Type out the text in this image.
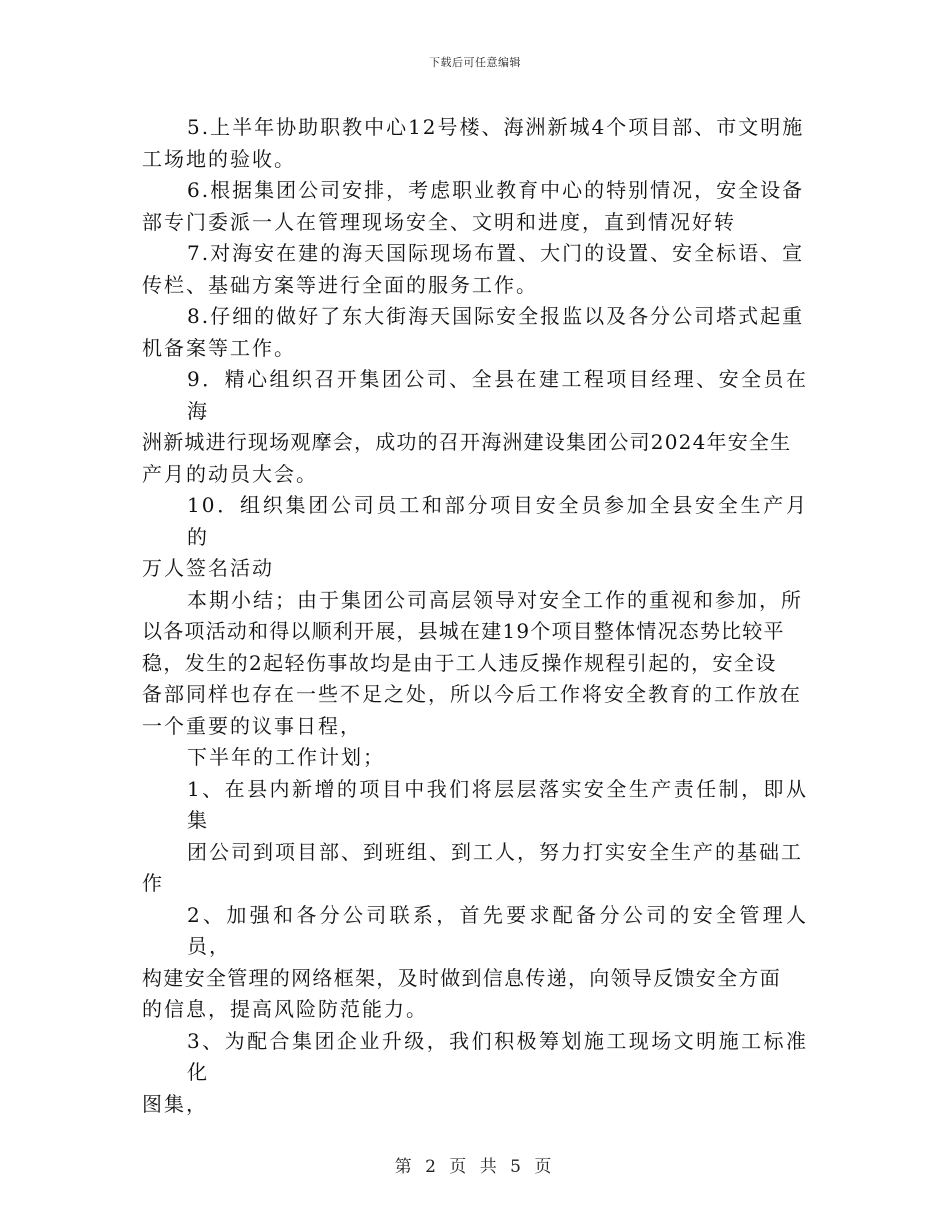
下载后可任意编辑

5.上半年协助职教中心12号楼、海洲新城4个项目部、市文明施
工场地的验收。

6.根据集团公司安排，考虑职业教育中心的特别情况，安全设备
部专门委派一人在管理现场安全、文明和进度，直到情况好转

7.对海安在建的海天国际现场布置、大门的设置、安全标语、宣
传栏、基础方案等进行全面的服务工作。

8.仔细的做好了东大街海天国际安全报监以及各分公司塔式起重
机备案等工作。

9．精心组织召开集团公司、全县在建工程项目经理、安全员在海
洲新城进行现场观摩会，成功的召开海洲建设集团公司2024年安全生
产月的动员大会。

10．组织集团公司员工和部分项目安全员参加全县安全生产月的
万人签名活动

本期小结；由于集团公司高层领导对安全工作的重视和参加，所
以各项活动和得以顺利开展，县城在建19个项目整体情况态势比较平
稳，发生的2起轻伤事故均是由于工人违反操作规程引起的，安全设
备部同样也存在一些不足之处，所以今后工作将安全教育的工作放在
一个重要的议事日程，

下半年的工作计划；

1、在县内新增的项目中我们将层层落实安全生产责任制，即从集
团公司到项目部、到班组、到工人，努力打实安全生产的基础工
作

2、加强和各分公司联系，首先要求配备分公司的安全管理人员，
构建安全管理的网络框架，及时做到信息传递，向领导反馈安全方面
的信息，提高风险防范能力。

3、为配合集团企业升级，我们积极筹划施工现场文明施工标准化
图集，

第 2 页 共 5 页
